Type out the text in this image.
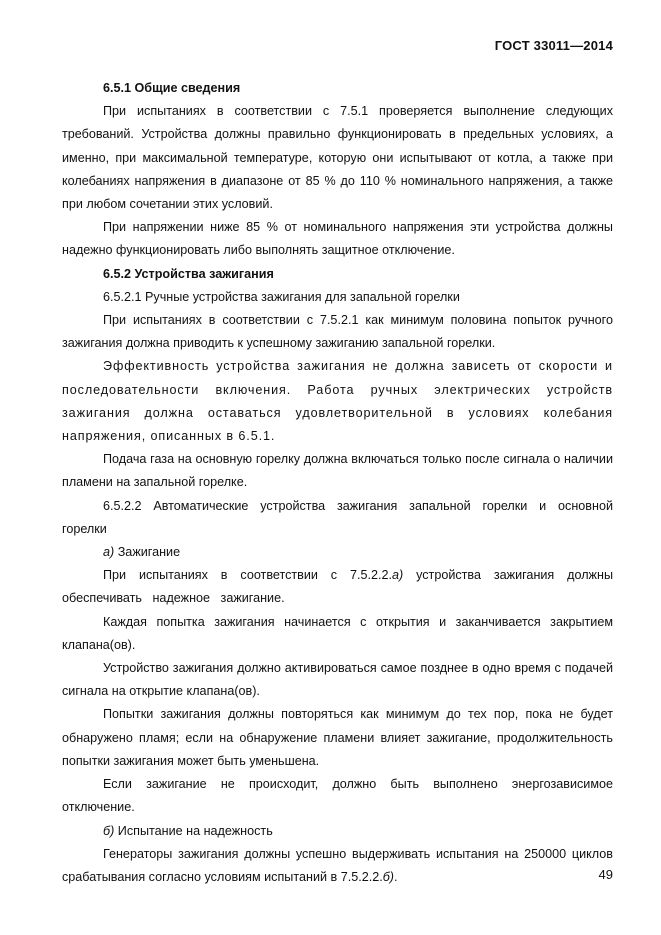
ГОСТ 33011—2014

6.5.1 Общие сведения

При испытаниях в соответствии с 7.5.1 проверяется выполнение следующих требований. Устройства должны правильно функционировать в предельных условиях, а именно, при максимальной температуре, которую они испытывают от котла, а также при колебаниях напряжения в диапазоне от 85 % до 110 % номинального напряжения, а также при любом сочетании этих условий.

При напряжении ниже 85 % от номинального напряжения эти устройства должны надежно функционировать либо выполнять защитное отключение.

6.5.2 Устройства зажигания

6.5.2.1 Ручные устройства зажигания для запальной горелки

При испытаниях в соответствии с 7.5.2.1 как минимум половина попыток ручного зажигания должна приводить к успешному зажиганию запальной горелки.

Эффективность устройства зажигания не должна зависеть от скорости и последовательности включения. Работа ручных электрических устройств зажигания должна оставаться удовлетворительной в условиях колебания напряжения, описанных в 6.5.1.

Подача газа на основную горелку должна включаться только после сигнала о наличии пламени на запальной горелке.

6.5.2.2 Автоматические устройства зажигания запальной горелки и основной горелки

а) Зажигание

При испытаниях в соответствии с 7.5.2.2.а) устройства зажигания должны обеспечивать надежное зажигание.

Каждая попытка зажигания начинается с открытия и заканчивается закрытием клапана(ов).

Устройство зажигания должно активироваться самое позднее в одно время с подачей сигнала на открытие клапана(ов).

Попытки зажигания должны повторяться как минимум до тех пор, пока не будет обнаружено пламя; если на обнаружение пламени влияет зажигание, продолжительность попытки зажигания может быть уменьшена.

Если зажигание не происходит, должно быть выполнено энергозависимое отключение.

б) Испытание на надежность

Генераторы зажигания должны успешно выдерживать испытания на 250000 циклов срабатывания согласно условиям испытаний в 7.5.2.2.б).	49
